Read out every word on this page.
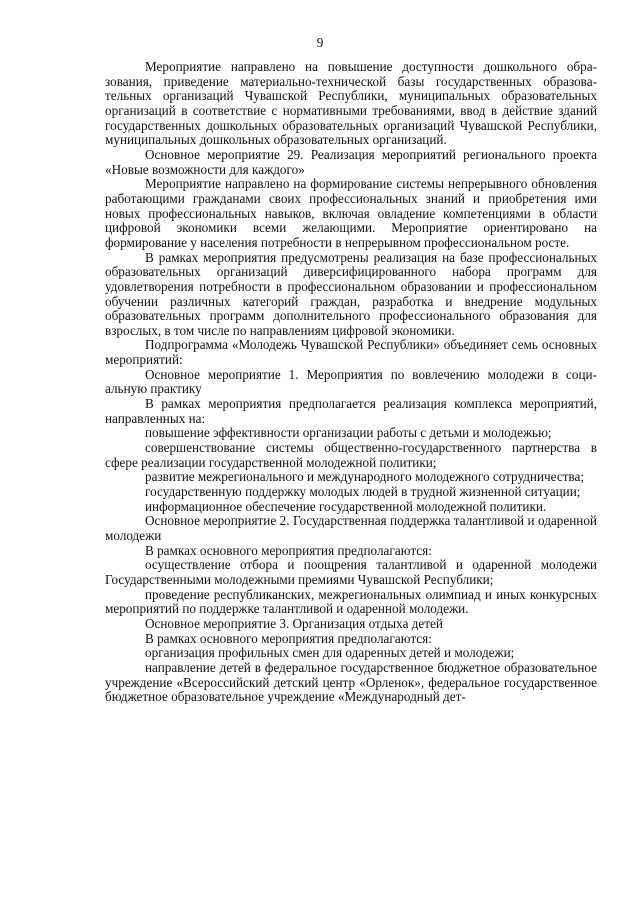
9

Мероприятие направлено на повышение доступности дошкольного образования, приведение материально-технической базы государственных образовательных организаций Чувашской Республики, муниципальных образовательных организаций в соответствие с нормативными требованиями, ввод в действие зданий государственных дошкольных образовательных организаций Чувашской Республики, муниципальных дошкольных образовательных организаций.

Основное мероприятие 29. Реализация мероприятий регионального проекта «Новые возможности для каждого»

Мероприятие направлено на формирование системы непрерывного обновления работающими гражданами своих профессиональных знаний и приобретения ими новых профессиональных навыков, включая овладение компетенциями в области цифровой экономики всеми желающими. Мероприятие ориентировано на формирование у населения потребности в непрерывном профессиональном росте.

В рамках мероприятия предусмотрены реализация на базе профессиональных образовательных организаций диверсифицированного набора программ для удовлетворения потребности в профессиональном образовании и профессиональном обучении различных категорий граждан, разработка и внедрение модульных образовательных программ дополнительного профессионального образования для взрослых, в том числе по направлениям цифровой экономики.

Подпрограмма «Молодежь Чувашской Республики» объединяет семь основных мероприятий:

Основное мероприятие 1. Мероприятия по вовлечению молодежи в социальную практику

В рамках мероприятия предполагается реализация комплекса мероприятий, направленных на:

повышение эффективности организации работы с детьми и молодежью;

совершенствование системы общественно-государственного партнерства в сфере реализации государственной молодежной политики;

развитие межрегионального и международного молодежного сотрудничества;

государственную поддержку молодых людей в трудной жизненной ситуации;

информационное обеспечение государственной молодежной политики.

Основное мероприятие 2. Государственная поддержка талантливой и одаренной молодежи

В рамках основного мероприятия предполагаются:

осуществление отбора и поощрения талантливой и одаренной молодежи Государственными молодежными премиями Чувашской Республики;

проведение республиканских, межрегиональных олимпиад и иных конкурсных мероприятий по поддержке талантливой и одаренной молодежи.

Основное мероприятие 3. Организация отдыха детей

В рамках основного мероприятия предполагаются:

организация профильных смен для одаренных детей и молодежи;

направление детей в федеральное государственное бюджетное образовательное учреждение «Всероссийский детский центр «Орленок», федеральное государственное бюджетное образовательное учреждение «Международный дет-
